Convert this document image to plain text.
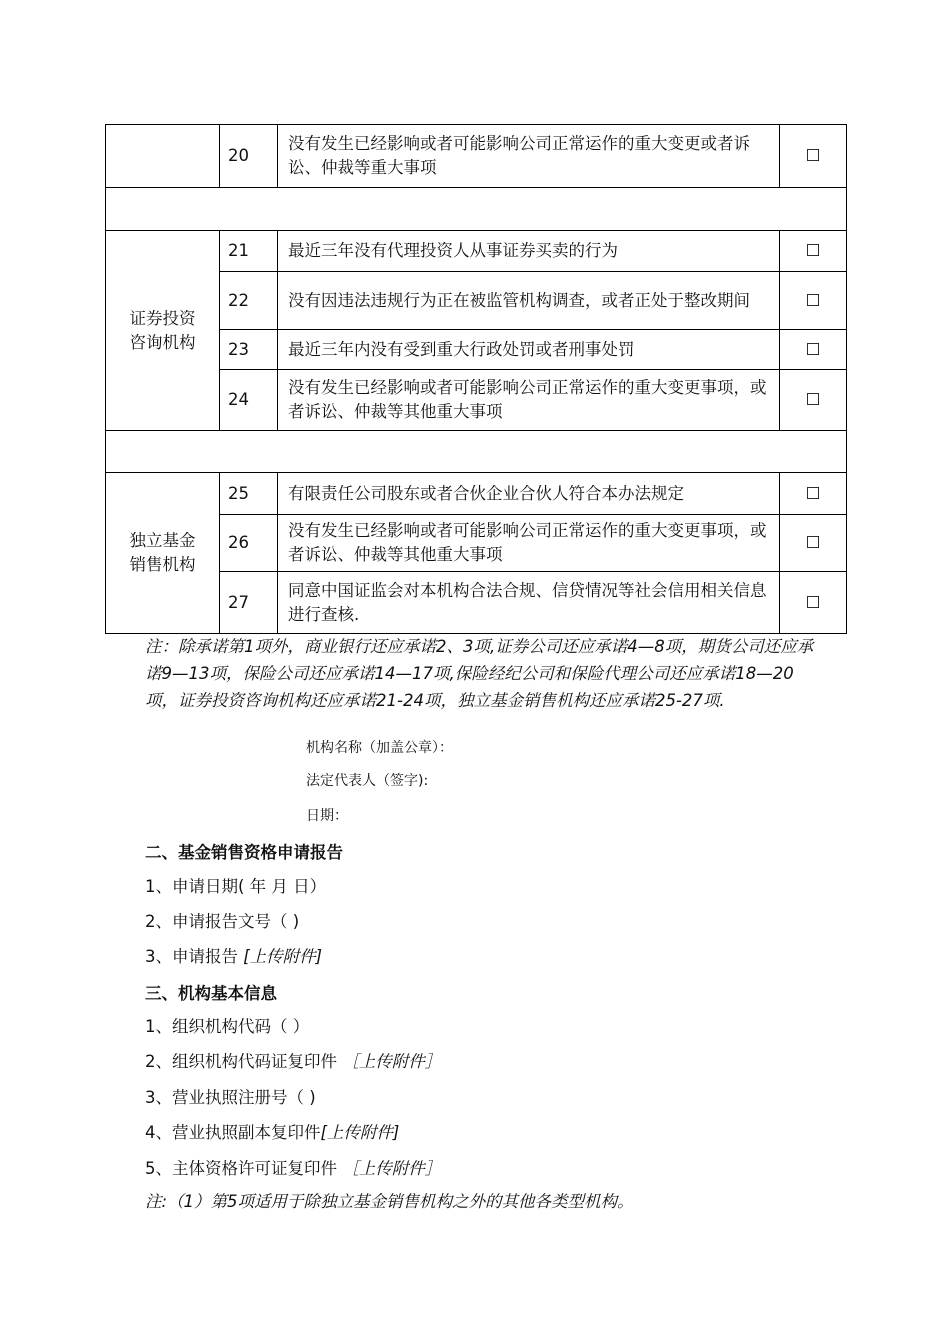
	20	没有发生已经影响或者可能影响公司正常运作的重大变更或者诉讼、仲裁等重大事项	☐

证券投资
咨询机构	21	最近三年没有代理投资人从事证券买卖的行为	☐
	22	没有因违法违规行为正在被监管机构调查，或者正处于整改期间	☐
	23	最近三年内没有受到重大行政处罚或者刑事处罚	☐
	24	没有发生已经影响或者可能影响公司正常运作的重大变更事项，或者诉讼、仲裁等其他重大事项	☐

独立基金
销售机构	25	有限责任公司股东或者合伙企业合伙人符合本办法规定	☐
	26	没有发生已经影响或者可能影响公司正常运作的重大变更事项，或者诉讼、仲裁等其他重大事项	☐
	27	同意中国证监会对本机构合法合规、信贷情况等社会信用相关信息进行查核.	☐
注：除承诺第1项外，商业银行还应承诺2、3项,证券公司还应承诺4—8项，期货公司还应承诺9—13项，保险公司还应承诺14—17项,保险经纪公司和保险代理公司还应承诺18—20项，证券投资咨询机构还应承诺21-24项，独立基金销售机构还应承诺25-27项.
机构名称（加盖公章）：
法定代表人（签字):
日期：
二、基金销售资格申请报告
1、申请日期( 年 月 日）
2、申请报告文号（ )
3、申请报告 [上传附件]
三、机构基本信息
1、组织机构代码（ ）
2、组织机构代码证复印件 ［上传附件］
3、营业执照注册号（ )
4、营业执照副本复印件[上传附件]
5、主体资格许可证复印件 ［上传附件］
注:（1）第5项适用于除独立基金销售机构之外的其他各类型机构。
